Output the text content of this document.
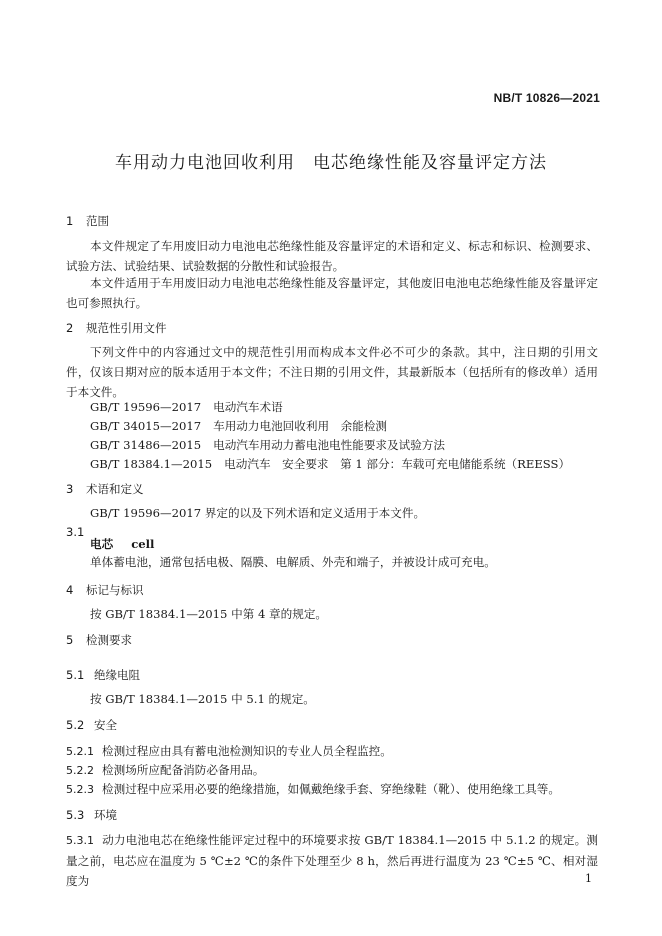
NB/T 10826—2021
车用动力电池回收利用　电芯绝缘性能及容量评定方法
1 范围
本文件规定了车用废旧动力电池电芯绝缘性能及容量评定的术语和定义、标志和标识、检测要求、试验方法、试验结果、试验数据的分散性和试验报告。
本文件适用于车用废旧动力电池电芯绝缘性能及容量评定，其他废旧电池电芯绝缘性能及容量评定也可参照执行。
2 规范性引用文件
下列文件中的内容通过文中的规范性引用而构成本文件必不可少的条款。其中，注日期的引用文件，仅该日期对应的版本适用于本文件；不注日期的引用文件，其最新版本（包括所有的修改单）适用于本文件。
GB/T 19596—2017 电动汽车术语
GB/T 34015—2017 车用动力电池回收利用　余能检测
GB/T 31486—2015 电动汽车用动力蓄电池电性能要求及试验方法
GB/T 18384.1—2015 电动汽车　安全要求　第 1 部分：车载可充电储能系统（REESS）
3 术语和定义
GB/T 19596—2017 界定的以及下列术语和定义适用于本文件。
3.1
电芯 cell
单体蓄电池，通常包括电极、隔膜、电解质、外壳和端子，并被设计成可充电。
4 标记与标识
按 GB/T 18384.1—2015 中第 4 章的规定。
5 检测要求
5.1 绝缘电阻
按 GB/T 18384.1—2015 中 5.1 的规定。
5.2 安全
5.2.1 检测过程应由具有蓄电池检测知识的专业人员全程监控。
5.2.2 检测场所应配备消防必备用品。
5.2.3 检测过程中应采用必要的绝缘措施，如佩戴绝缘手套、穿绝缘鞋（靴）、使用绝缘工具等。
5.3 环境
5.3.1 动力电池电芯在绝缘性能评定过程中的环境要求按 GB/T 18384.1—2015 中 5.1.2 的规定。测量之前，电芯应在温度为 5 ℃±2 ℃的条件下处理至少 8 h，然后再进行温度为 23 ℃±5 ℃、相对湿度为	1
